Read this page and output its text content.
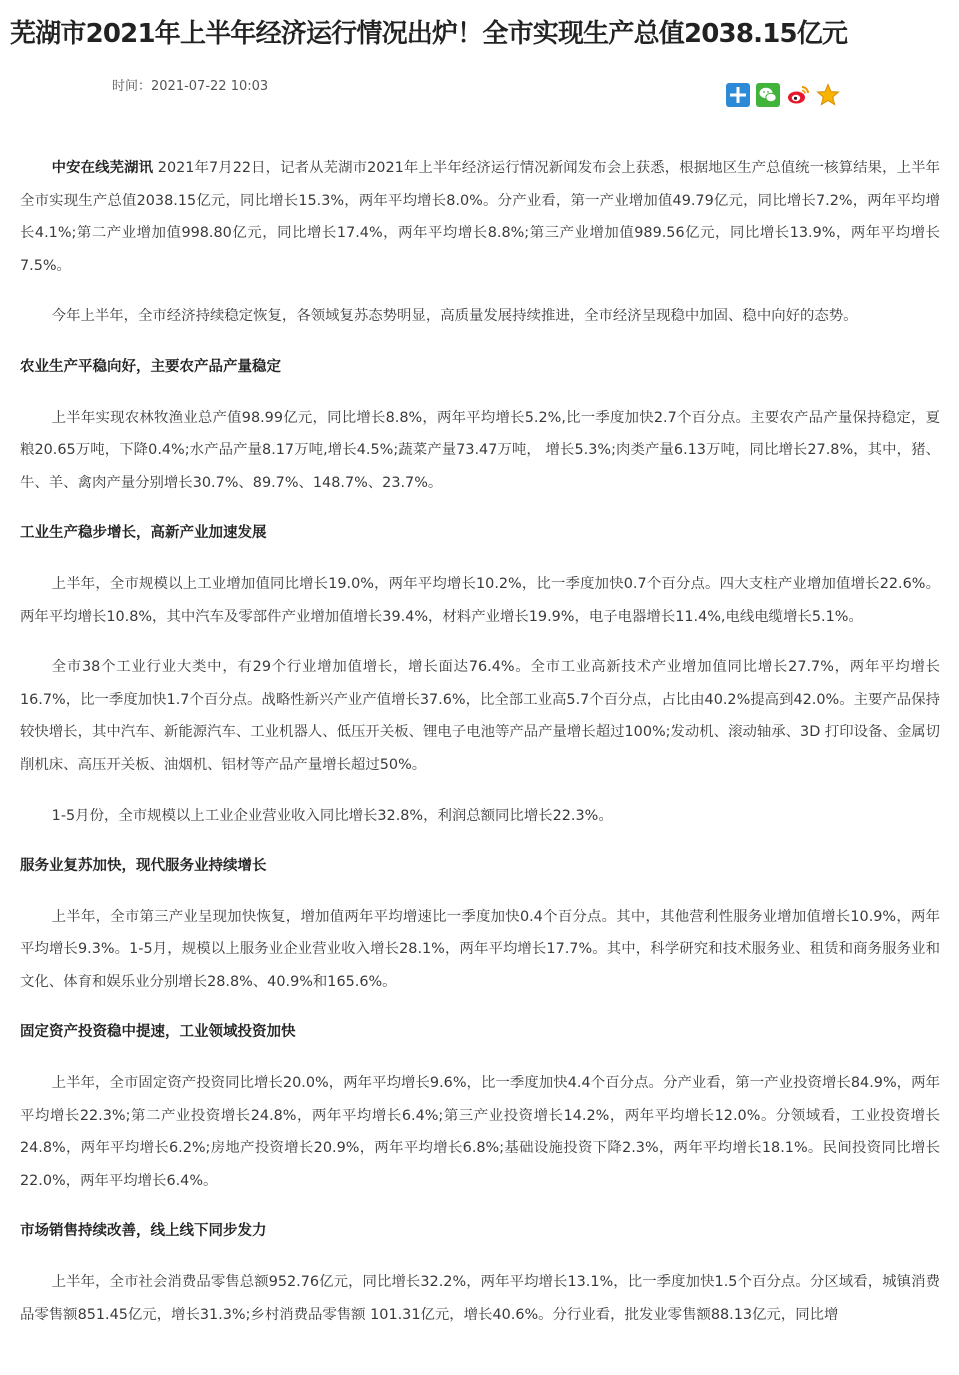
芜湖市2021年上半年经济运行情况出炉！全市实现生产总值2038.15亿元
时间：2021-07-22 10:03

中安在线芜湖讯 2021年7月22日，记者从芜湖市2021年上半年经济运行情况新闻发布会上获悉，根据地区生产总值统一核算结果，上半年全市实现生产总值2038.15亿元，同比增长15.3%，两年平均增长8.0%。分产业看，第一产业增加值49.79亿元，同比增长7.2%，两年平均增长4.1%;第二产业增加值998.80亿元，同比增长17.4%，两年平均增长8.8%;第三产业增加值989.56亿元，同比增长13.9%，两年平均增长7.5%。

今年上半年，全市经济持续稳定恢复，各领域复苏态势明显，高质量发展持续推进，全市经济呈现稳中加固、稳中向好的态势。

农业生产平稳向好，主要农产品产量稳定

上半年实现农林牧渔业总产值98.99亿元，同比增长8.8%，两年平均增长5.2%,比一季度加快2.7个百分点。主要农产品产量保持稳定，夏粮20.65万吨，下降0.4%;水产品产量8.17万吨,增长4.5%;蔬菜产量73.47万吨， 增长5.3%;肉类产量6.13万吨，同比增长27.8%，其中，猪、牛、羊、禽肉产量分别增长30.7%、89.7%、148.7%、23.7%。

工业生产稳步增长，高新产业加速发展

上半年，全市规模以上工业增加值同比增长19.0%，两年平均增长10.2%，比一季度加快0.7个百分点。四大支柱产业增加值增长22.6%。两年平均增长10.8%，其中汽车及零部件产业增加值增长39.4%，材料产业增长19.9%，电子电器增长11.4%,电线电缆增长5.1%。

全市38个工业行业大类中，有29个行业增加值增长，增长面达76.4%。全市工业高新技术产业增加值同比增长27.7%，两年平均增长16.7%，比一季度加快1.7个百分点。战略性新兴产业产值增长37.6%，比全部工业高5.7个百分点，占比由40.2%提高到42.0%。主要产品保持较快增长，其中汽车、新能源汽车、工业机器人、低压开关板、锂电子电池等产品产量增长超过100%;发动机、滚动轴承、3D 打印设备、金属切削机床、高压开关板、油烟机、铝材等产品产量增长超过50%。

1-5月份，全市规模以上工业企业营业收入同比增长32.8%，利润总额同比增长22.3%。

服务业复苏加快，现代服务业持续增长

上半年，全市第三产业呈现加快恢复，增加值两年平均增速比一季度加快0.4个百分点。其中，其他营利性服务业增加值增长10.9%，两年平均增长9.3%。1-5月，规模以上服务业企业营业收入增长28.1%，两年平均增长17.7%。其中，科学研究和技术服务业、租赁和商务服务业和文化、体育和娱乐业分别增长28.8%、40.9%和165.6%。

固定资产投资稳中提速，工业领域投资加快

上半年，全市固定资产投资同比增长20.0%，两年平均增长9.6%，比一季度加快4.4个百分点。分产业看，第一产业投资增长84.9%，两年平均增长22.3%;第二产业投资增长24.8%，两年平均增长6.4%;第三产业投资增长14.2%，两年平均增长12.0%。分领域看，工业投资增长24.8%，两年平均增长6.2%;房地产投资增长20.9%，两年平均增长6.8%;基础设施投资下降2.3%，两年平均增长18.1%。民间投资同比增长22.0%，两年平均增长6.4%。

市场销售持续改善，线上线下同步发力

上半年，全市社会消费品零售总额952.76亿元，同比增长32.2%，两年平均增长13.1%，比一季度加快1.5个百分点。分区域看，城镇消费品零售额851.45亿元，增长31.3%;乡村消费品零售额 101.31亿元，增长40.6%。分行业看，批发业零售额88.13亿元，同比增
